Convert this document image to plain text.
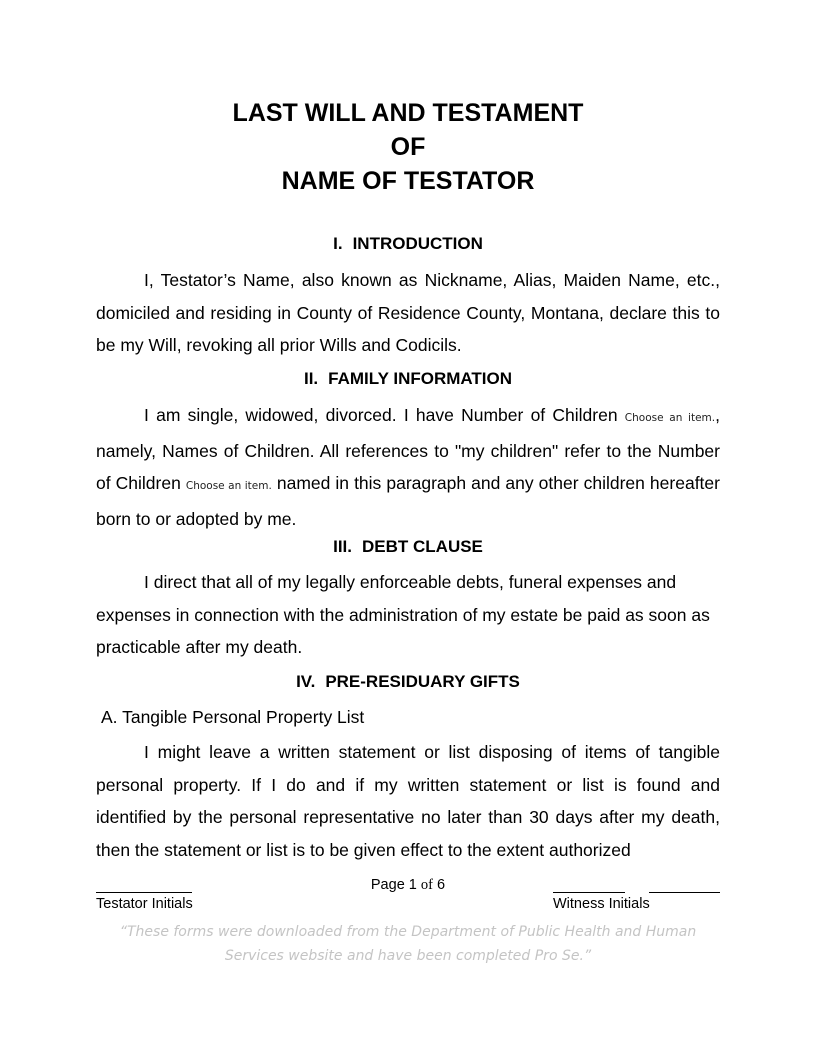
LAST WILL AND TESTAMENT
OF
NAME OF TESTATOR
I. INTRODUCTION
I, Testator’s Name, also known as Nickname, Alias, Maiden Name, etc., domiciled and residing in County of Residence County, Montana, declare this to be my Will, revoking all prior Wills and Codicils.
II. FAMILY INFORMATION
I am single, widowed, divorced. I have Number of Children Choose an item., namely, Names of Children. All references to "my children" refer to the Number of Children Choose an item. named in this paragraph and any other children hereafter born to or adopted by me.
III. DEBT CLAUSE
I direct that all of my legally enforceable debts, funeral expenses and expenses in connection with the administration of my estate be paid as soon as practicable after my death.
IV. PRE-RESIDUARY GIFTS
A. Tangible Personal Property List
I might leave a written statement or list disposing of items of tangible personal property. If I do and if my written statement or list is found and identified by the personal representative no later than 30 days after my death, then the statement or list is to be given effect to the extent authorized
Page 1 of 6
Testator Initials	Witness Initials
“These forms were downloaded from the Department of Public Health and Human
Services website and have been completed Pro Se.”
